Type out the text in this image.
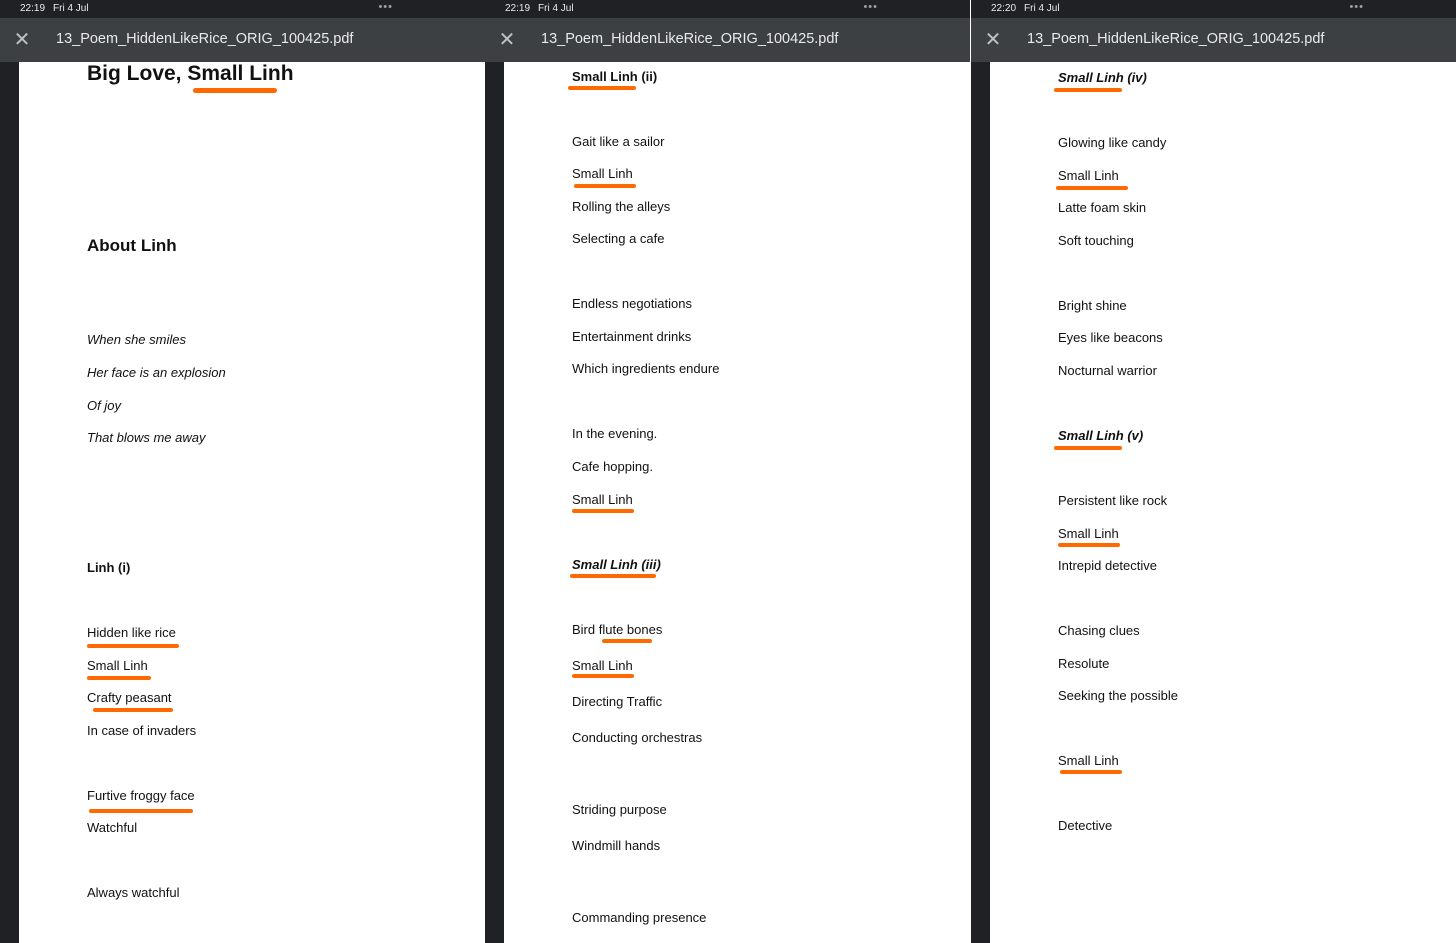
22:19 Fri 4 Jul	•••
✕ 13_Poem_HiddenLikeRice_ORIG_100425.pdf
Big Love, Small Linh
About Linh
When she smiles
Her face is an explosion
Of joy
That blows me away
Linh (i)
Hidden like rice
Small Linh
Crafty peasant
In case of invaders
Furtive froggy face
Watchful
Always watchful
22:19 Fri 4 Jul	•••
✕ 13_Poem_HiddenLikeRice_ORIG_100425.pdf
Small Linh (ii)
Gait like a sailor
Small Linh
Rolling the alleys
Selecting a cafe
Endless negotiations
Entertainment drinks
Which ingredients endure
In the evening.
Cafe hopping.
Small Linh
Small Linh (iii)
Bird flute bones
Small Linh
Directing Traffic
Conducting orchestras
Striding purpose
Windmill hands
Commanding presence
22:20 Fri 4 Jul	•••
✕ 13_Poem_HiddenLikeRice_ORIG_100425.pdf
Small Linh (iv)
Glowing like candy
Small Linh
Latte foam skin
Soft touching
Bright shine
Eyes like beacons
Nocturnal warrior
Small Linh (v)
Persistent like rock
Small Linh
Intrepid detective
Chasing clues
Resolute
Seeking the possible
Small Linh
Detective
